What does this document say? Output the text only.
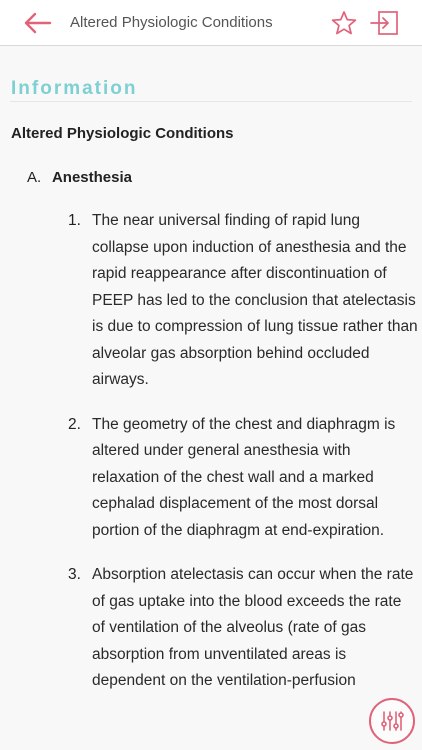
Altered Physiologic Conditions
Information
Altered Physiologic Conditions
A. Anesthesia
1. The near universal finding of rapid lung collapse upon induction of anesthesia and the rapid reappearance after discontinuation of PEEP has led to the conclusion that atelectasis is due to compression of lung tissue rather than alveolar gas absorption behind occluded airways.
2. The geometry of the chest and diaphragm is altered under general anesthesia with relaxation of the chest wall and a marked cephalad displacement of the most dorsal portion of the diaphragm at end-expiration.
3. Absorption atelectasis can occur when the rate of gas uptake into the blood exceeds the rate of ventilation of the alveolus (rate of gas absorption from unventilated areas is dependent on the ventilation-perfusion
